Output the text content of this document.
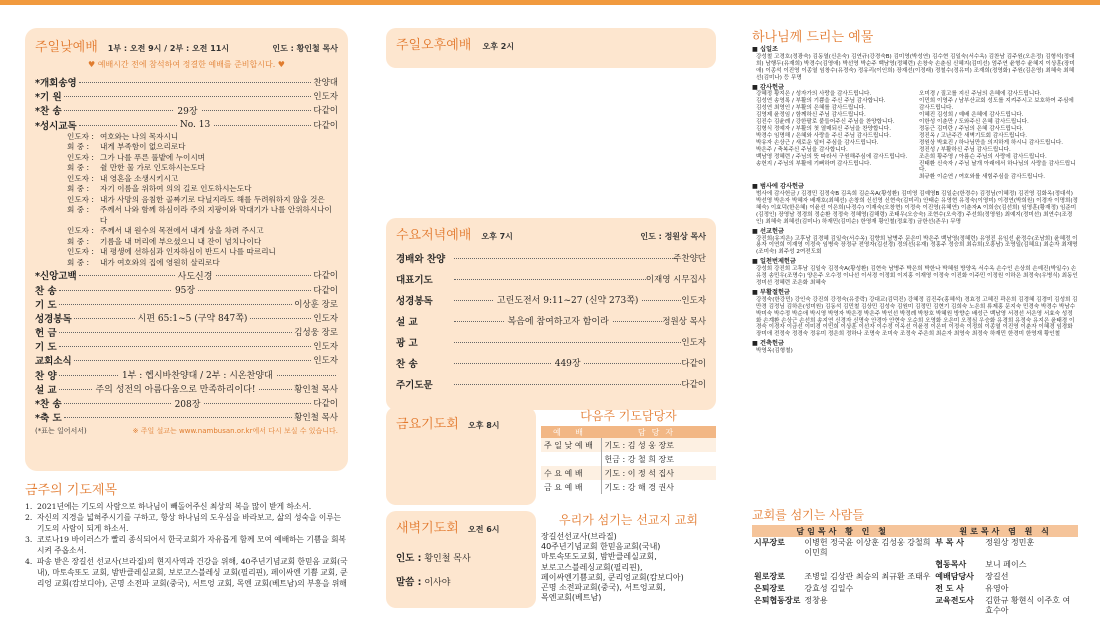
주일낮예배 1부 : 오전 9시 / 2부 : 오전 11시	인도 : 황인철 목사
♥ 예배시간 전에 참석하여 정결한 예배를 준비합시다. ♥
*개회송영	찬양대
*기 원	인도자
*찬 송	29장	다같이
*성시교독	No. 13	다같이
인도자 : 여호와는 나의 목자시니
회 중 :	내게 부족함이 없으리로다
인도자 : 그가 나를 푸른 풀밭에 누이시며
회 중 :	쉴 만한 물 가로 인도하시는도다
인도자 : 내 영혼을 소생시키시고
회 중 :	자기 이름을 위하여 의의 길로 인도하시는도다
인도자 : 내가 사망의 음침한 골짜기로 다닐지라도 해를 두려워하지 않을 것은
회 중 :	주께서 나와 함께 하심이라 주의 지팡이와 막대기가 나를 안위하시나이다
인도자 : 주께서 내 원수의 목전에서 내게 상을 차려 주시고
회 중 :	기름을 내 머리에 부으셨으니 내 잔이 넘치나이다
인도자 : 내 평생에 선하심과 인자하심이 반드시 나를 따르리니
회 중 :	내가 여호와의 집에 영원히 살리로다
*신앙고백	사도신경	다같이
찬 송	95장	다같이
기 도	이상훈 장로
성경봉독	시편 65:1~5 (구약 847쪽)	인도자
헌 금	김성웅 장로
기 도	인도자
교회소식	인도자
찬 양	1부 : 헵시바찬양대 / 2부 : 시온찬양대
설 교	주의 성전의 아름다움으로 만족하리이다!	황인철 목사
*찬 송	208장	다같이
*축 도	황인철 목사
(*표는 일어서서)	※ 주일 설교는 www.nambusan.or.kr에서 다시 보실 수 있습니다.
금주의 기도제목
1. 2021년에는 기도의 사람으로 하나님이 빼돌어주신 최상의 복을 많이 받게 하소서.
2. 자신의 지경을 넓혀주시기를 구하고, 항상 하나님의 도우심을 바라보고, 삶의 성숙을 이루는 기도의 사람이 되게 하소서.
3. 코로나19 바이러스가 빨리 종식되어서 한국교회가 자유롭게 함께 모여 예배하는 기쁨을 회복시켜 주옵소서.
4. 파송 받은 장길선 선교사(브라질)의 현지사역과 건강을 위해, 40주년기념교회 한믿음 교회(국내), 마토속또도 교회, 밤반클레실교회, 보로고스블레싱 교회(필리핀), 페이싸엔 기쁨 교회, 쿤리엉 교회(캄보디아), 곤명 소전파 교회(중국), 서트엉 교회, 목엔 교회(베트남)의 부흥을 위해
주일오후예배 오후 2시
수요저녁예배 오후 7시	인도 : 정원상 목사
경배와 찬양	주찬양단
대표기도	이재영 시무집사
성경봉독	고린도전서 9:11~27 (신약 273쪽)	인도자
설 교	복음에 참여하고자 함이라	정원상 목사
광 고	인도자
찬 송	449장	다같이
주기도문	다같이
금요기도회 오후 8시
다음주 기도담당자
예 배	담당자
주 일 낮 예 배	기도 : 김 성 웅 장로
	헌금 : 강 철 희 장로
수 요 예 배	기도 : 이 정 석 집사
금 요 예 배	기도 : 강 해 경 권사
새벽기도회 오전 6시
인도 : 황인철 목사
말씀 : 이사야
우리가 섬기는 선교지 교회

장길선선교사(브라질)

40주년기념교회 한믿음교회(국내)

마토속또도교회, 밤반클레실교회,

보로고스블레싱교회(필리핀),

페이싸엔기쁨교회, 쿤리엉교회(캄보디아)

곤명 소전파교회(중국), 서트엉교회,

목엔교회(베트남)

하나님께 드리는 예물
■ 십일조

강성철 고경호(정광숙) 김동열(신은숙) 김연규(강경숙B) 김미영(박성연) 김수현 김일숙(서수옥) 김찬남 김주원(오은정) 김형석(정대희) 남행두(유재희) 박경수(김영애) 박선영 박순주 백남영(정혜련) 손창숙 손춘심 신혜지(김미선) 엄주연 윤형수 윤혜지 이상훈(장미애) 이종석 이진영 이종열 임창수(유정숙) 정유리(이인희) 장재선(이정래) 정철수(정유미) 조재희(정영화) 주원(김은영) 최혜숙 최혜선(김미나) 등 무명

■ 감사헌금
강혜정 황지은 / 성자가의 사랑을 감사드립니다.
김성연 송영록 / 부활의 기쁨을 주신 주님 감사합니다.
김성연 최영인 / 부활의 은혜를 감사드립니다.
김영제 윤정임 / 함께하신 주님 감사드립니다.
김진수 김윤례 / 강한팔로 붙들어주신 주님을 찬양합니다.
김형식 정예자 / 부활의 첫 열매되신 주님을 찬양합니다.
박경수 임명해 / 은혜와 사랑을 주신 주님 감사드립니다.
박유자 손상근 / 새로운 일터 주심을 감사드립니다.
박은주 / 축복주신 주님을 감사합니다.
백남영 정혜련 / 주님의 뜻 따라서 구원해주심에 감사드립니다.
송헌지 / 주님의 부활에 기뻐하며 감사드립니다.
오미경 / 질고를 지신 주님의 은혜에 감사드립니다.
이민희 이영주 / 남부산교회 성도를 지켜주시고 보호하여 주심에 감사드립니다.
이혜진 김성희 / 예배 은혜에 감사드립니다.
이한성 이춘만 / 도와주신 은혜 감사드립니다.
정동근 김미란 / 주님의 은혜 감사드립니다.
정진옥 / 고난주간 새벽기도회 감사드립니다.
정원상 박효진 / 하나님만을 의지하게 하시니 감사드립니다.
정진성 / 부활하신 주님 감사드립니다.
조은희 황주영 / 아름슨 주님의 사랑에 감사드립니다.
진태환 신숙자 / 주님 날개 아래에서 하나님의 사랑을 감사드립니다.
최규환 이순연 / 여호와를 새힘주심을 감사드립니다.
■ 범사에 감사헌금

범사에 감사헌금 / 김경민 김정숙B 김옥희 김순옥A(황성환) 김미영 김예영B 김일순(한경수) 김정님(이혜정) 김진영 김화옥(정대석) 박선영 박은자 박혜자 배재호(최혜선) 손창희 신선영 신현숙(김미리) 안태순 유영현 유정숙(이영미) 이경연(박희원) 이경자 이명희(정혜숙) 이효덕(한은혜) 이윤선 이은희(나정수) 이재숙(오창현) 이정숙 이진영(유혜연) 이춘자A 이희승(김선희) 임영훈(황재정) 임준미(김정인) 장영남 정경희 정순환 정정숙 정혜영(김해령) 조태우(오승숙) 조현수(오숙경) 주선희(정영원) 최예지(정미선) 최연수(조경인) 최혜숙 최혜선(김미나) 하재민(김미순) 한영재 황인철(정효정) 금한선(존우) 무명

■ 선교헌금

강진희(유지은) 고후남 김경혜 김일숙(서수옥) 김향희 남병주 문은미 박은주 백남영(정혜련) 유영진 유임선 윤정수(조남희) 윤혜정 이용자 이연희 이재영 이정숙 임병숙 장정규 전영자(김선경) 정의선(유재) 정홍주 정승희 최슈희(오흥남) 조영일(김혜요) 최순자 최재명(조미숙) 최주성 2여전도회

■ 일천번제헌금

강성희 강진희 고후남 김일숙 김정숙A(황성환) 김현숙 남병주 박은희 박한나 박혜원 방양옥 서수옥 손수인 손상희 손예진(박일수) 손유정 송민우(조명수) 양은주 오수정 이나선 이서경 이정회 이지홍 이재영 이정숙 이진화 이주민 이정원 이하은 최정숙(우병식) 최동인 정미선 정혜련 조은화 최혜숙

■ 부활절헌금

강정숙(한강민) 강인숙 강진희 강정숙(유중락) 강대교(김덕진) 강혜정 김진주(홍혜석) 경효정 고혜진 곽은희 김경혜 김경미 김성희 김만경 김정님 김하은(성미원) 김동석 김민철 김상민 김성숙 김원미 김정민 김현기 김희숙 노은희 류제홍 문지숙 민경숙 박경수 박남수 박미숙 박수정 박순애 박시영 박영자 박은경 박은주 박인선 박정례 박창호 박혜원 방향순 배성근 백남영 서경선 서은영 서효숙 성정화 손계환 손상근 손선희 송지연 신경자 신명숙 안경아 안현숙 오순희 오영화 오은미 오정심 우승화 유경희 유정숙 유지은 윤태경 이경숙 이경자 이금선 이미경 이민희 이상훈 이선자 이수정 이옥선 이윤정 이은미 이정숙 이정희 이종열 이진영 이춘자 이혜경 임경화 장미애 전정숙 정경숙 정유미 정은희 정하나 조명숙 조미숙 조정숙 주은희 최순자 최영숙 최정숙 하재민 한경미 한영재 황인철

■ 건축헌금

박영옥(김형철)

교회를 섬기는 사람들
담임목사 황 인 철		원로목사 염 원 식	
시무장로	이병헌 정국윤 이상훈 김성웅 강철희 이민희	부 목 사	정원상 정민훈
		협동목사	보니 페이스
원로장로	조병일 김상관 최승의 최규환 조태우	예배담당사	장길선
은퇴장로	강효성 김일수	전 도 사	유영아
은퇴협동장로	정창용	교육전도사	김한규 황현식 이주호 여효수아
